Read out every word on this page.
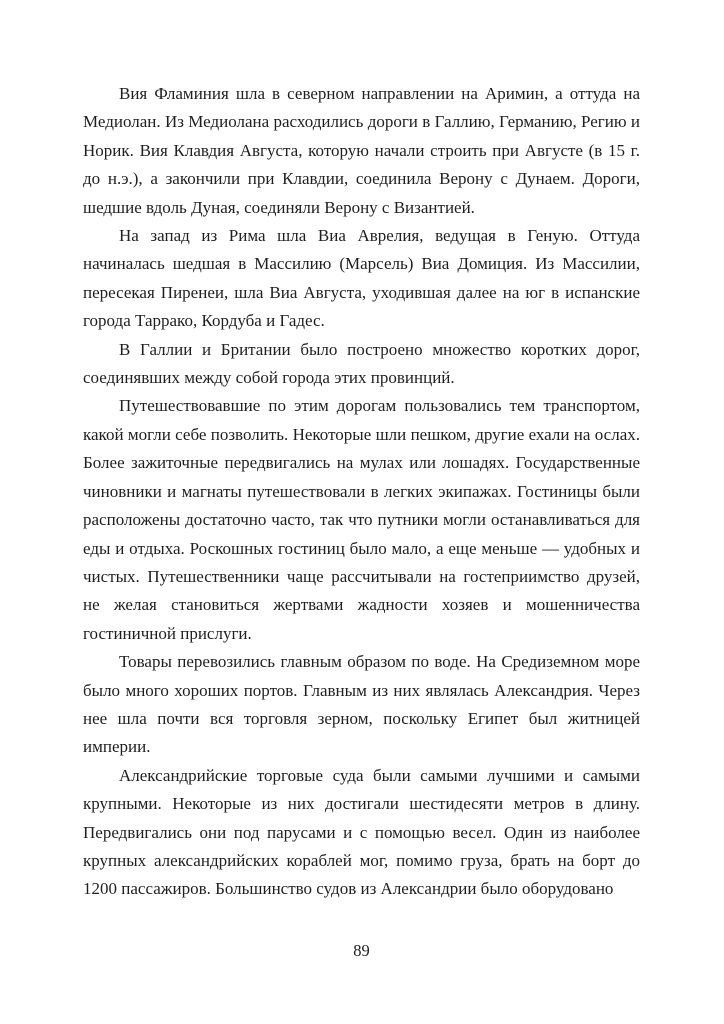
Вия Фламиния шла в северном направлении на Аримин, а оттуда на Медиолан. Из Медиолана расходились дороги в Галлию, Германию, Регию и Норик. Вия Клавдия Августа, которую начали строить при Августе (в 15 г. до н.э.), а закончили при Клавдии, соединила Верону с Дунаем. Дороги, шедшие вдоль Дуная, соединяли Верону с Византией.

На запад из Рима шла Виа Аврелия, ведущая в Геную. Оттуда начиналась шедшая в Массилию (Марсель) Виа Домиция. Из Массилии, пересекая Пиренеи, шла Виа Августа, уходившая далее на юг в испанские города Таррако, Кордуба и Гадес.

В Галлии и Британии было построено множество коротких дорог, соединявших между собой города этих провинций.

Путешествовавшие по этим дорогам пользовались тем транспортом, какой могли себе позволить. Некоторые шли пешком, другие ехали на ослах. Более зажиточные передвигались на мулах или лошадях. Государственные чиновники и магнаты путешествовали в легких экипажах. Гостиницы были расположены достаточно часто, так что путники могли останавливаться для еды и отдыха. Роскошных гостиниц было мало, а еще меньше — удобных и чистых. Путешественники чаще рассчитывали на гостеприимство друзей, не желая становиться жертвами жадности хозяев и мошенничества гостиничной прислуги.

Товары перевозились главным образом по воде. На Средиземном море было много хороших портов. Главным из них являлась Александрия. Через нее шла почти вся торговля зерном, поскольку Египет был житницей империи.

Александрийские торговые суда были самыми лучшими и самыми крупными. Некоторые из них достигали шестидесяти метров в длину. Передвигались они под парусами и с помощью весел. Один из наиболее крупных александрийских кораблей мог, помимо груза, брать на борт до 1200 пассажиров. Большинство судов из Александрии было оборудовано

89
